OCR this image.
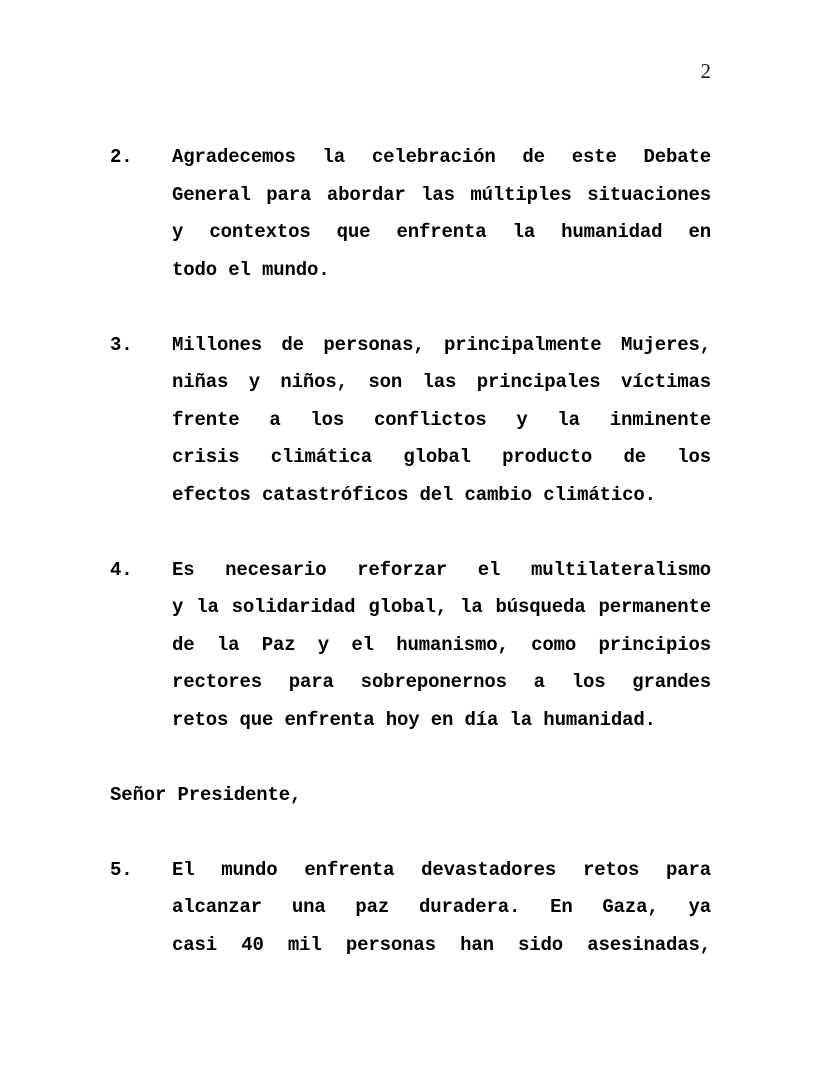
2
2.	Agradecemos la celebración de este Debate
General para abordar las múltiples situaciones
y contextos que enfrenta la humanidad en
todo el mundo.
3.	Millones de personas, principalmente Mujeres,
niñas y niños, son las principales víctimas
frente a los conflictos y la inminente
crisis climática global producto de los
efectos catastróficos del cambio climático.
4.	Es necesario reforzar el multilateralismo
y la solidaridad global, la búsqueda permanente
de la Paz y el humanismo, como principios
rectores para sobreponernos a los grandes
retos que enfrenta hoy en día la humanidad.
Señor Presidente,
5.	El mundo enfrenta devastadores retos para
alcanzar una paz duradera. En Gaza, ya
casi 40 mil personas han sido asesinadas,
